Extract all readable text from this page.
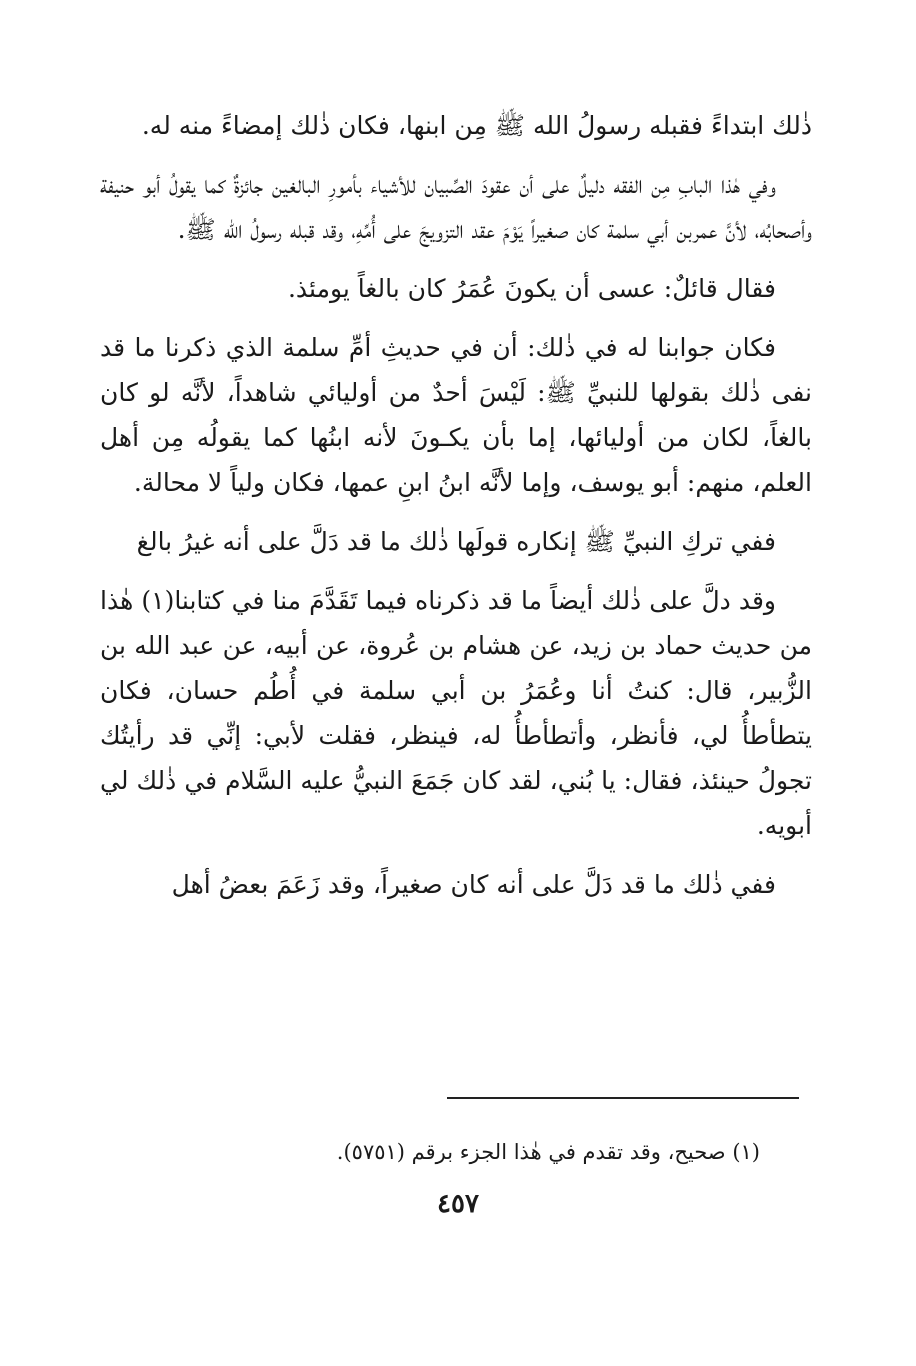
ذٰلك ابتداءً فقبله رسولُ الله ﷺ مِن ابنها، فكان ذٰلك إمضاءً منه له.

وفي هٰذا البابِ مِن الفقه دليلٌ على أن عقودَ الصِّبيان للأشياء بأمورِ البالغين جائزةٌ كما يقولُ أبو حنيفة وأصحابُه، لأنَّ عمربن أبي سلمة كان صغيراً يَوْمَ عقد التزويجَ على أُمِّهِ، وقد قبله رسولُ الله ﷺ.

فقال قائلٌ: عسى أن يكونَ عُمَرُ كان بالغاً يومئذ.

فكان جوابنا له في ذٰلك: أن في حديثِ أمِّ سلمة الذي ذكرنا ما قد نفى ذٰلك بقولها للنبيِّ ﷺ: لَيْسَ أحدٌ من أوليائي شاهداً، لأنَّه لو كان بالغاً، لكان من أوليائها، إما بأن يكـونَ لأنه ابنُها كما يقولُه مِن أهل العلم، منهم: أبو يوسف، وإما لأنَّه ابنُ ابنِ عمها، فكان ولياً لا محالة.

ففي تركِ النبيِّ ﷺ إنكاره قولَها ذٰلك ما قد دَلَّ على أنه غيرُ بالغ

وقد دلَّ على ذٰلك أيضاً ما قد ذكرناه فيما تَقَدَّمَ منا في كتابنا(١) هٰذا من حديث حماد بن زيد، عن هشام بن عُروة، عن أبيه، عن عبد الله بن الزُّبير، قال: كنتُ أنا وعُمَرُ بن أبي سلمة في أُطُم حسان، فكان يتطأطأُ لي، فأنظر، وأتطأطأُ له، فينظر، فقلت لأبي: إنِّي قد رأيتُك تجولُ حينئذ، فقال: يا بُني، لقد كان جَمَعَ النبيُّ عليه السَّلام في ذٰلك لي أبويه.

ففي ذٰلك ما قد دَلَّ على أنه كان صغيراً، وقد زَعَمَ بعضُ أهل

(١) صحيح، وقد تقدم في هٰذا الجزء برقم (٥٧٥١).
٤٥٧
